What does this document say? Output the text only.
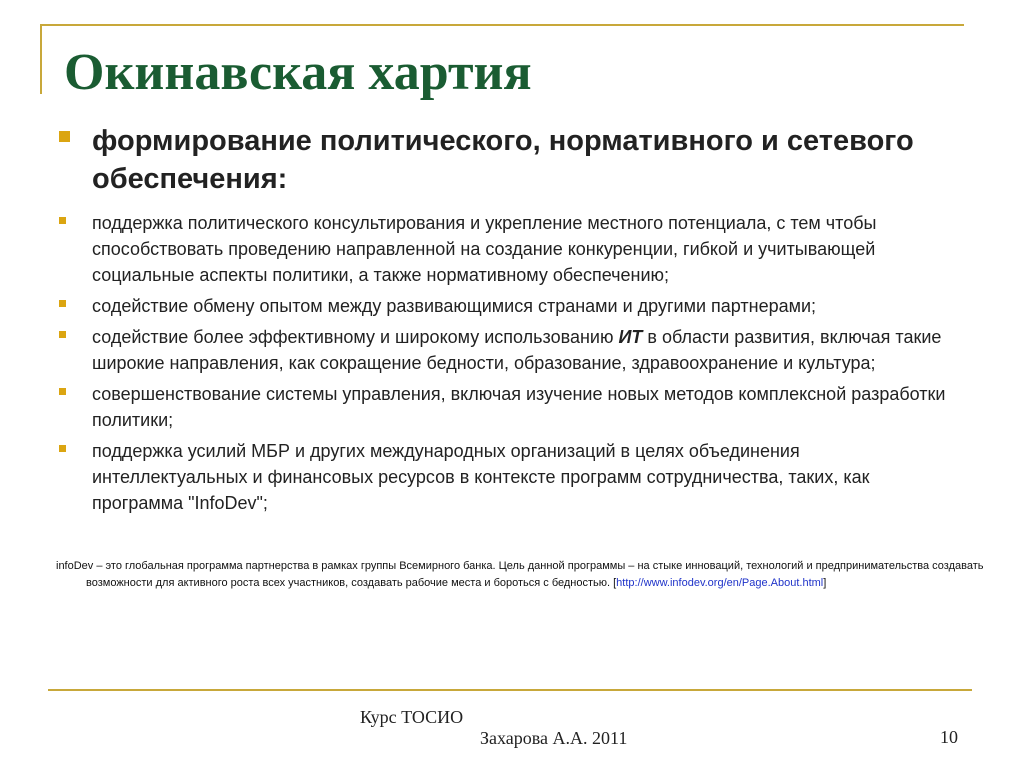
Окинавская хартия
формирование политического, нормативного и сетевого обеспечения:
поддержка политического консультирования и укрепление местного потенциала, с тем чтобы способствовать проведению направленной на создание конкуренции, гибкой и учитывающей социальные аспекты политики, а также нормативному обеспечению;
содействие обмену опытом между развивающимися странами и другими партнерами;
содействие более эффективному и широкому использованию ИТ в области развития, включая такие широкие направления, как сокращение бедности, образование, здравоохранение и культура;
совершенствование системы управления, включая изучение новых методов комплексной разработки политики;
поддержка усилий МБР и других международных организаций в целях объединения интеллектуальных и финансовых ресурсов в контексте программ сотрудничества, таких, как программа "InfoDev";
infoDev – это глобальная программа партнерства в рамках группы Всемирного банка. Цель данной программы – на стыке инноваций, технологий и предпринимательства создавать возможности для активного роста всех участников, создавать рабочие места и бороться с бедностью. [http://www.infodev.org/en/Page.About.html]
Курс ТОСИО
Захарова А.А. 2011	10
